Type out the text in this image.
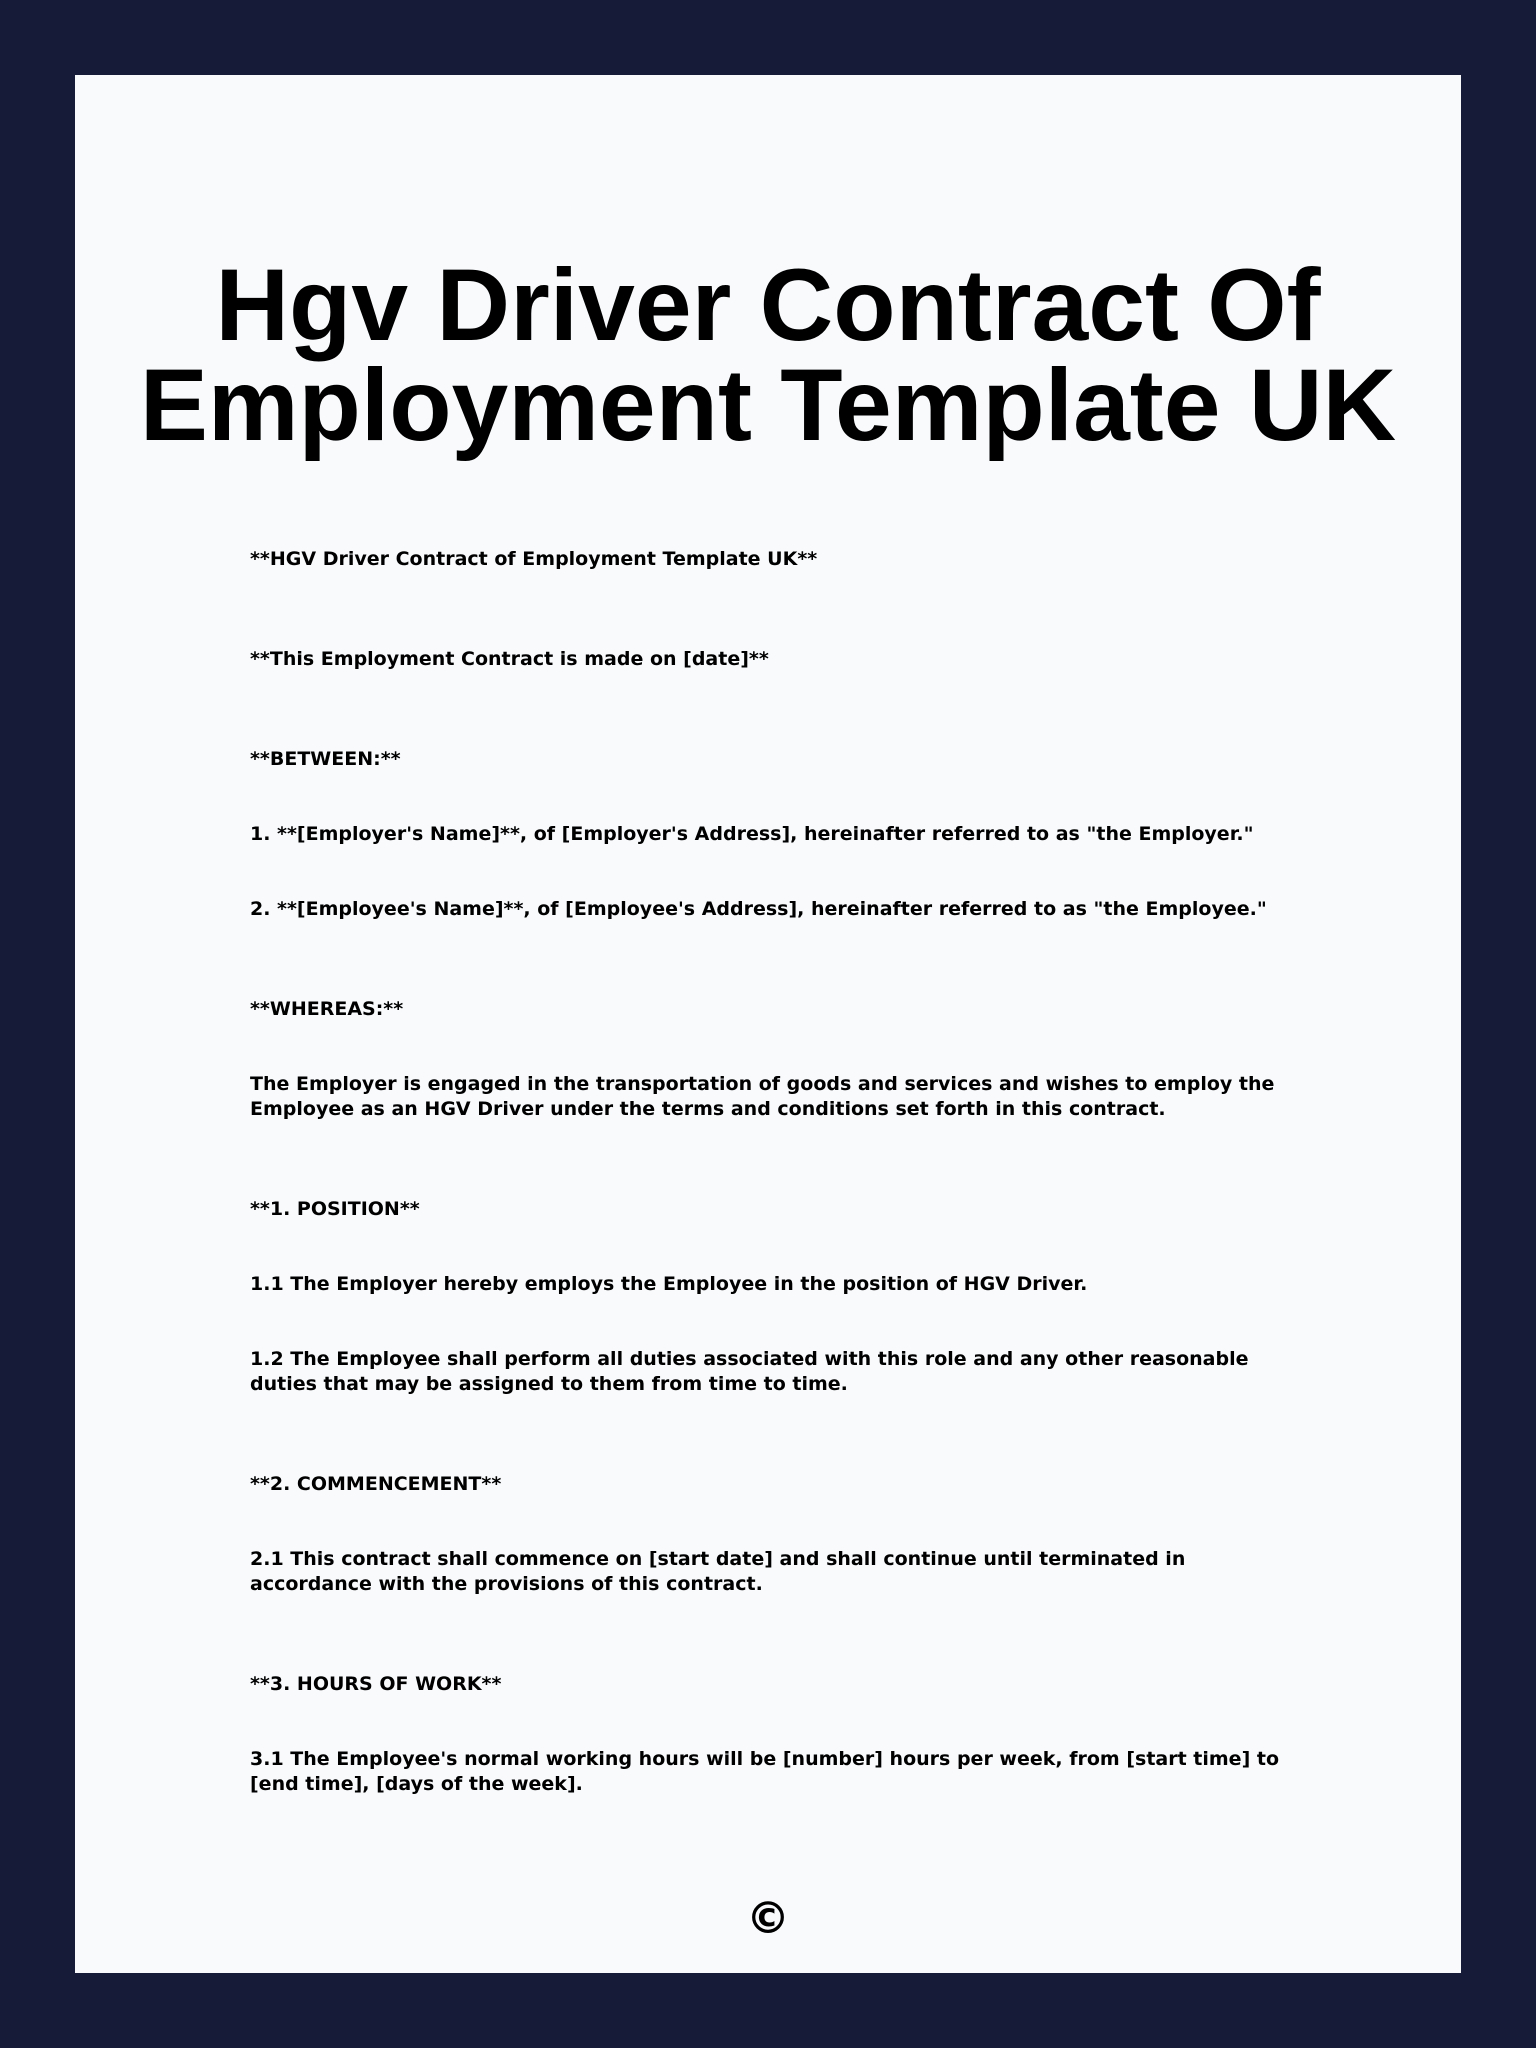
Hgv Driver Contract Of
Employment Template UK

**HGV Driver Contract of Employment Template UK**

**This Employment Contract is made on [date]**

**BETWEEN:**

1. **[Employer's Name]**, of [Employer's Address], hereinafter referred to as "the Employer."

2. **[Employee's Name]**, of [Employee's Address], hereinafter referred to as "the Employee."

**WHEREAS:**

The Employer is engaged in the transportation of goods and services and wishes to employ the Employee as an HGV Driver under the terms and conditions set forth in this contract.

**1. POSITION**

1.1 The Employer hereby employs the Employee in the position of HGV Driver.

1.2 The Employee shall perform all duties associated with this role and any other reasonable duties that may be assigned to them from time to time.

**2. COMMENCEMENT**

2.1 This contract shall commence on [start date] and shall continue until terminated in accordance with the provisions of this contract.

**3. HOURS OF WORK**

3.1 The Employee's normal working hours will be [number] hours per week, from [start time] to [end time], [days of the week].

©
